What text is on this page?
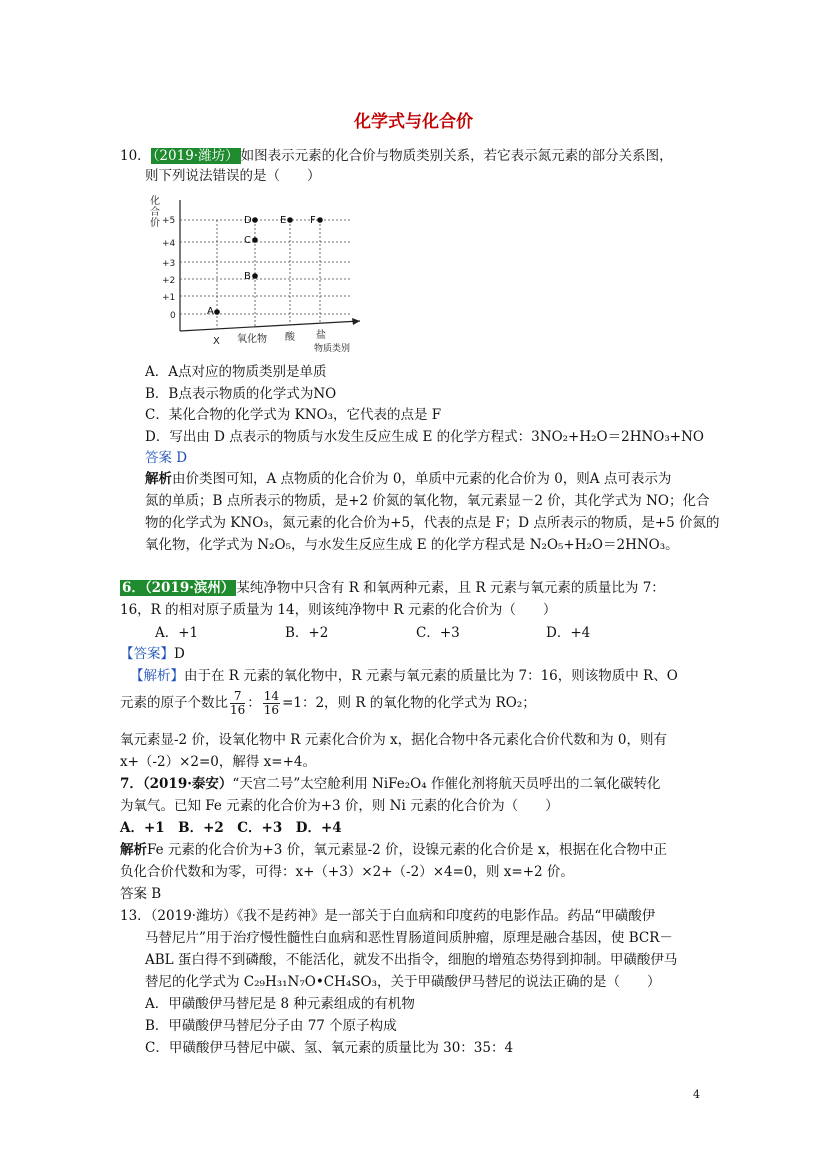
化学式与化合价
10． （2019·潍坊） 如图表示元素的化合价与物质类别关系，若它表示氮元素的部分关系图，
则下列说法错误的是（　　）
化
合
价 +5
+4
+3
+2
+1
0	A
B
C
D	E F
X 氧化物 酸 盐
物质类别
A．A点对应的物质类别是单质
B．B点表示物质的化学式为NO
C．某化合物的化学式为 KNO₃，它代表的点是 F
D．写出由 D 点表示的物质与水发生反应生成 E 的化学方程式：3NO₂+H₂O＝2HNO₃+NO
答案 D
解析由价类图可知，A 点物质的化合价为 0，单质中元素的化合价为 0，则A 点可表示为
氮的单质；B 点所表示的物质，是+2 价氮的氧化物，氧元素显－2 价，其化学式为 NO；化合
物的化学式为 KNO₃，氮元素的化合价为+5，代表的点是 F；D 点所表示的物质，是+5 价氮的
氧化物，化学式为 N₂O₅，与水发生反应生成 E 的化学方程式是 N₂O₅+H₂O＝2HNO₃。
6．（2019·滨州） 某纯净物中只含有 R 和氧两种元素，且 R 元素与氧元素的质量比为 7：
16，R 的相对原子质量为 14，则该纯净物中 R 元素的化合价为（　　）
A．+1	B．+2	C．+3	D．+4
【答案】D
【解析】由于在 R 元素的氧化物中，R 元素与氧元素的质量比为 7：16，则该物质中 R、O
元素的原子个数比 $\frac{7}{16}$ ： $\frac{14}{16} =1$：2，则 R 的氧化物的化学式为 RO₂；
氧元素显-2 价，设氧化物中 R 元素化合价为 x，据化合物中各元素化合价代数和为 0，则有
x+（-2）×2=0，解得 x=+4。
7．（2019·泰安）“天宫二号”太空舱利用 NiFe₂O₄ 作催化剂将航天员呼出的二氧化碳转化
为氧气。已知 Fe 元素的化合价为+3 价，则 Ni 元素的化合价为（　　）
A．+1　B．+2　C．+3　D．+4
解析Fe 元素的化合价为+3 价，氧元素显-2 价，设镍元素的化合价是 x，根据在化合物中正
负化合价代数和为零，可得：x+（+3）×2+（-2）×4=0，则 x=+2 价。
答案 B
13．（2019·潍坊）《我不是药神》是一部关于白血病和印度药的电影作品。药品“甲磺酸伊
马替尼片”用于治疗慢性髓性白血病和恶性胃肠道间质肿瘤，原理是融合基因，使 BCR－
ABL 蛋白得不到磷酸，不能活化，就发不出指令，细胞的增殖态势得到抑制。甲磺酸伊马
替尼的化学式为 C₂₉H₃₁N₇O•CH₄SO₃，关于甲磺酸伊马替尼的说法正确的是（　　）
A．甲磺酸伊马替尼是 8 种元素组成的有机物
B．甲磺酸伊马替尼分子由 77 个原子构成
C．甲磺酸伊马替尼中碳、氢、氧元素的质量比为 30：35：4
4
